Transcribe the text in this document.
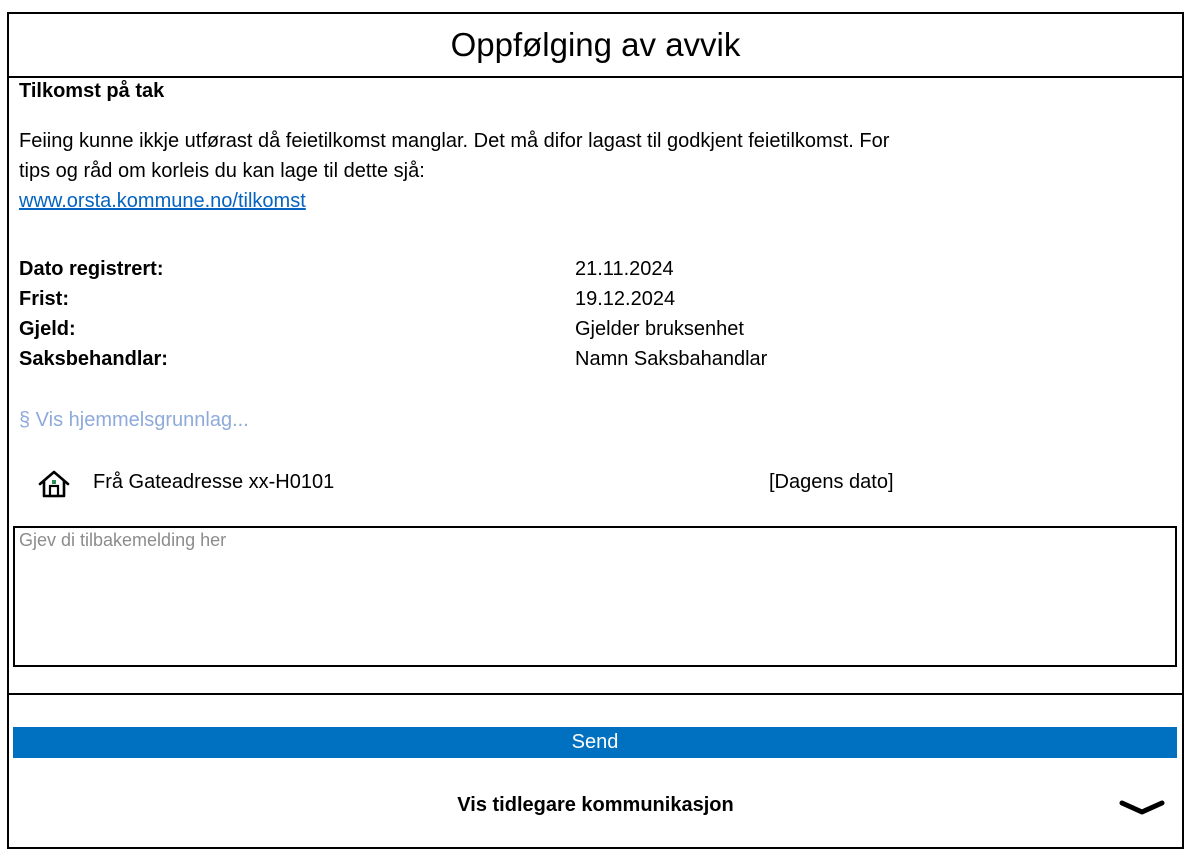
Oppfølging av avvik
Tilkomst på tak
Feiing kunne ikkje utførast då feietilkomst manglar. Det må difor lagast til godkjent feietilkomst. For tips og råd om korleis du kan lage til dette sjå:
www.orsta.kommune.no/tilkomst
Dato registrert:	21.11.2024
Frist:	19.12.2024
Gjeld:	Gjelder bruksenhet
Saksbehandlar:	Namn Saksbahandlar
§ Vis hjemmelsgrunnlag...
Frå Gateadresse xx-H0101	[Dagens dato]
Gjev di tilbakemelding her
Send
Vis tidlegare kommunikasjon
